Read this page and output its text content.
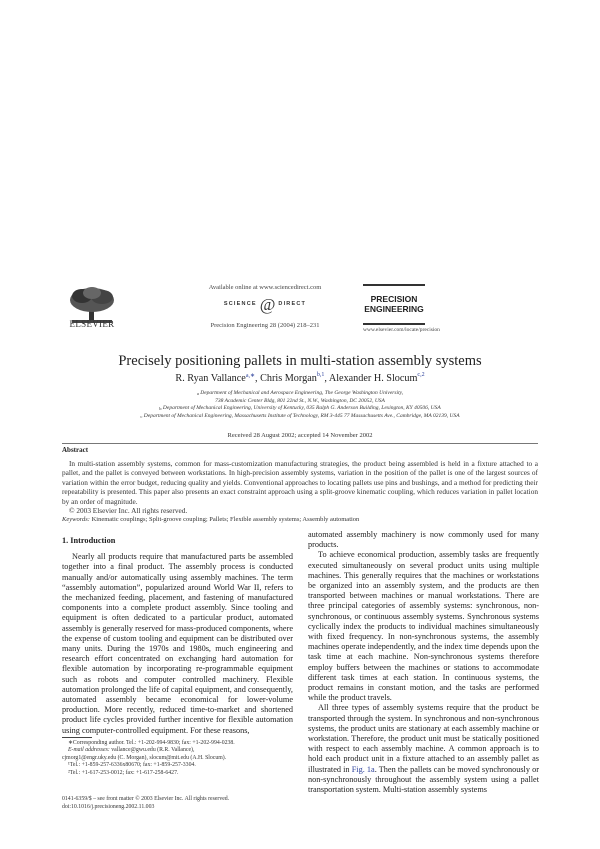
ELSEVIER
Available online at www.sciencedirect.com
SCIENCE @ DIRECT
Precision Engineering 28 (2004) 218–231
PRECISION
ENGINEERING
www.elsevier.com/locate/precision
Precisely positioning pallets in multi-station assembly systems
R. Ryan Vallance$^{a,∗}$, Chris Morgan$^{b,1}$, Alexander H. Slocum$^{c,2}$
$^a$ Department of Mechanical and Aerospace Engineering, The George Washington University,
738 Academic Center Bldg, 801 22nd St., N.W., Washington, DC 20052, USA
$^b$ Department of Mechanical Engineering, University of Kentucky, 035 Ralph G. Anderson Building, Lexington, KY 40506, USA
$^c$ Department of Mechanical Engineering, Massachusetts Institute of Technology, RM 3-445 77 Massachusetts Ave., Cambridge, MA 02139, USA
Received 28 August 2002; accepted 14 November 2002
Abstract

In multi-station assembly systems, common for mass-customization manufacturing strategies, the product being assembled is held in a fixture attached to a pallet, and the pallet is conveyed between workstations. In high-precision assembly systems, variation in the position of the pallet is one of the largest sources of variation within the error budget, reducing quality and yields. Conventional approaches to locating pallets use pins and bushings, and a method for predicting their repeatability is presented. This paper also presents an exact constraint approach using a split-groove kinematic coupling, which reduces variation in pallet location by an order of magnitude.

© 2003 Elsevier Inc. All rights reserved.

Keywords: Kinematic couplings; Split-groove coupling; Pallets; Flexible assembly systems; Assembly automation
1. Introduction

Nearly all products require that manufactured parts be assembled together into a final product. The assembly process is conducted manually and/or automatically using assembly machines. The term “assembly automation”, popularized around World War II, refers to the mechanized feeding, placement, and fastening of manufactured components into a complete product assembly. Since tooling and equipment is often dedicated to a particular product, automated assembly is generally reserved for mass-produced components, where the expense of custom tooling and equipment can be distributed over many units. During the 1970s and 1980s, much engineering and research effort concentrated on exchanging hard automation for flexible automation by incorporating re-programmable equipment such as robots and computer controlled machinery. Flexible automation prolonged the life of capital equipment, and consequently, automated assembly became economical for lower-volume production. More recently, reduced time-to-market and shortened product life cycles provided further incentive for flexible automation using computer-controlled equipment. For these reasons,

automated assembly machinery is now commonly used for many products.

To achieve economical production, assembly tasks are frequently executed simultaneously on several product units using multiple machines. This generally requires that the machines or workstations be organized into an assembly system, and the products are then transported between machines or manual workstations. There are three principal categories of assembly systems: synchronous, non-synchronous, or continuous assembly systems. Synchronous systems cyclically index the products to individual machines simultaneously with fixed frequency. In non-synchronous systems, the assembly machines operate independently, and the index time depends upon the task time at each machine. Non-synchronous systems therefore employ buffers between the machines or stations to accommodate different task times at each station. In continuous systems, the product remains in constant motion, and the tasks are performed while the product travels.

All three types of assembly systems require that the product be transported through the system. In synchronous and non-synchronous systems, the product units are stationary at each assembly machine or workstation. Therefore, the product unit must be statically positioned with respect to each assembly machine. A common approach is to hold each product unit in a fixture attached to an assembly pallet as illustrated in Fig. 1a. Then the pallets can be moved synchronously or non-synchronously throughout the assembly system using a pallet transportation system. Multi-station assembly systems

∗Corresponding author. Tel.: +1-202-994-9830; fax: +1-202-994-0238.
E-mail addresses: vallance@gwu.edu (R.R. Vallance),
cjmorg1@engr.uky.edu (C. Morgan), slocum@mit.edu (A.H. Slocum).
¹Tel.: +1-859-257-6336x80670; fax: +1-859-257-3304.
²Tel.: +1-617-253-0012; fax: +1-617-258-6427.
0141-6359/$ – see front matter © 2003 Elsevier Inc. All rights reserved.
doi:10.1016/j.precisioneng.2002.11.003
